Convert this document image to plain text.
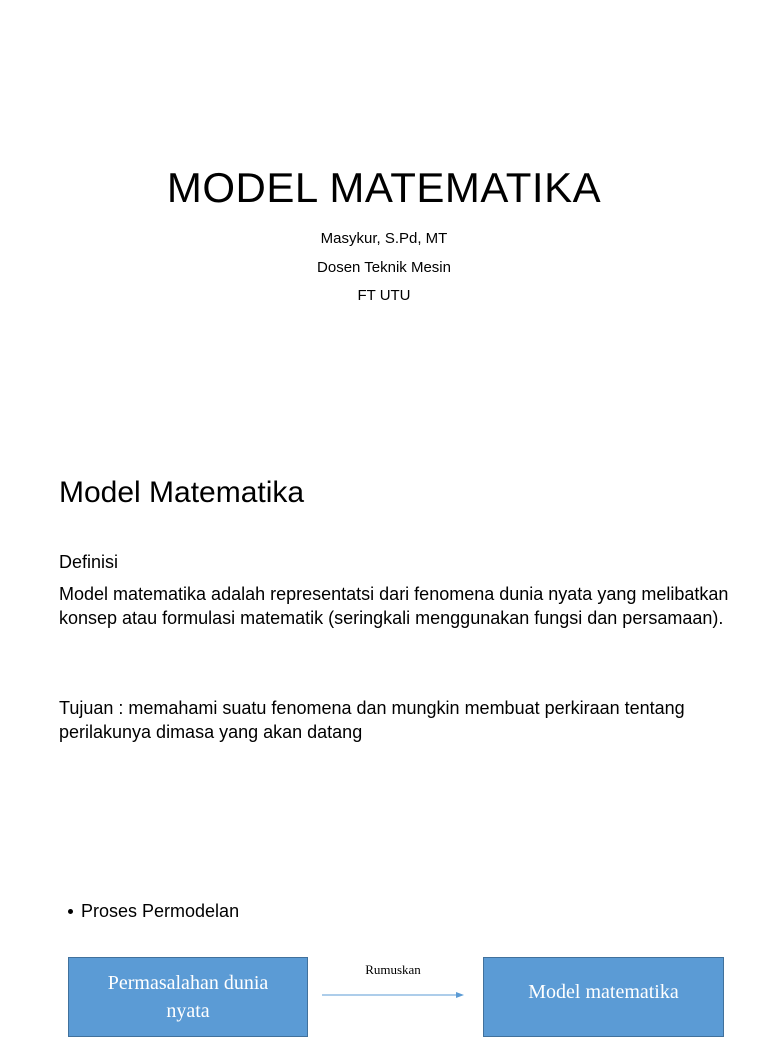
MODEL MATEMATIKA
Masykur, S.Pd, MT
Dosen Teknik Mesin
FT UTU
Model Matematika
Definisi
Model matematika adalah representatsi dari fenomena dunia nyata yang melibatkan konsep atau formulasi matematik (seringkali menggunakan fungsi dan persamaan).
Tujuan : memahami suatu fenomena dan mungkin membuat perkiraan tentang perilakunya dimasa yang akan datang
Proses Permodelan
Permasalahan dunia nyata
Rumuskan
Model matematika
